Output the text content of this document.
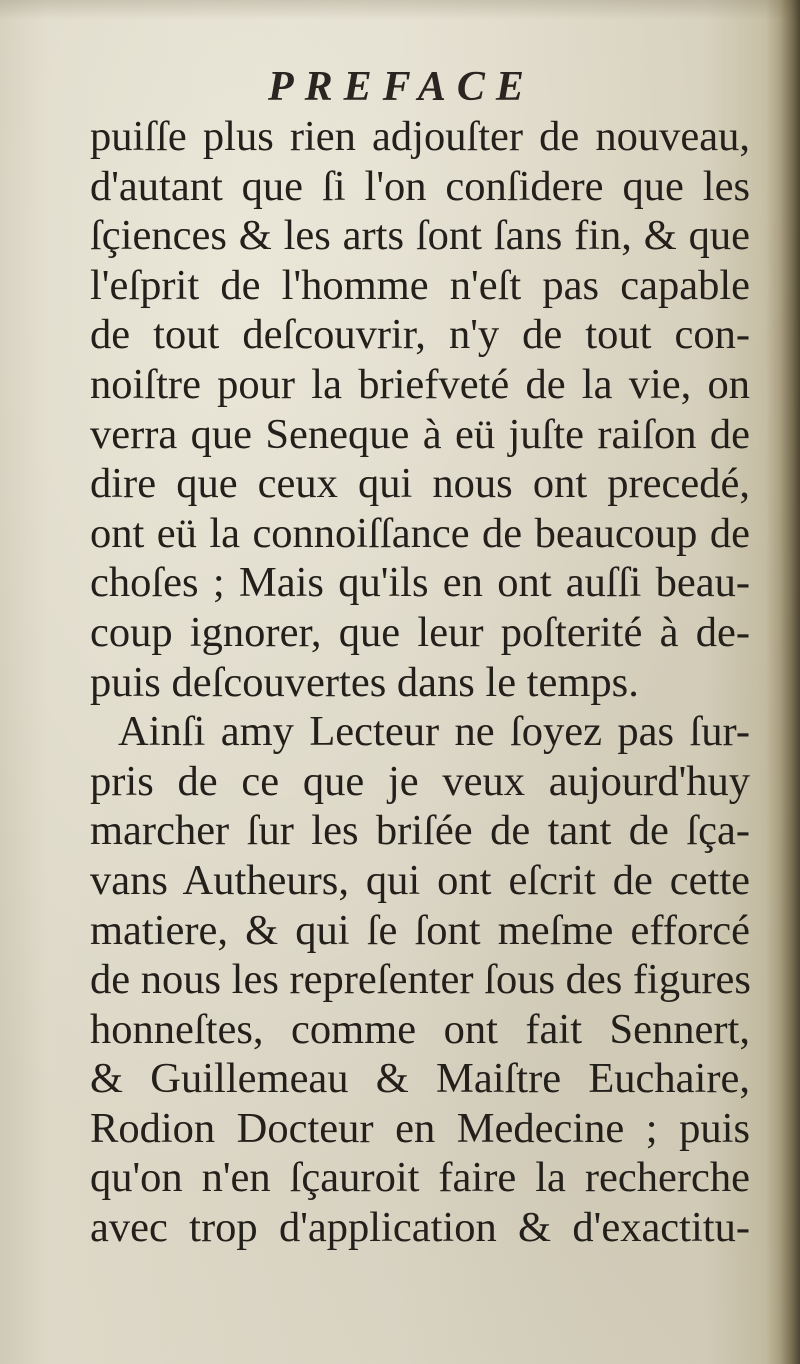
PREFACE
puiſſe plus rien adjouſter de nouveau,
d'autant que ſi l'on conſidere que les
ſçiences & les arts ſont ſans fin, & que
l'eſprit de l'homme n'eſt pas capable
de tout deſcouvrir, n'y de tout con-
noiſtre pour la briefveté de la vie, on
verra que Seneque à eü juſte raiſon de
dire que ceux qui nous ont precedé,
ont eü la connoiſſance de beaucoup de
choſes ; Mais qu'ils en ont auſſi beau-
coup ignorer, que leur poſterité à de-
puis deſcouvertes dans le temps.
Ainſi amy Lecteur ne ſoyez pas ſur-
pris de ce que je veux aujourd'huy
marcher ſur les briſée de tant de ſça-
vans Autheurs, qui ont eſcrit de cette
matiere, & qui ſe ſont meſme efforcé
de nous les repreſenter ſous des figures
honneſtes, comme ont fait Sennert,
& Guillemeau & Maiſtre Euchaire,
Rodion Docteur en Medecine ; puis
qu'on n'en ſçauroit faire la recherche
avec trop d'application & d'exactitu-
